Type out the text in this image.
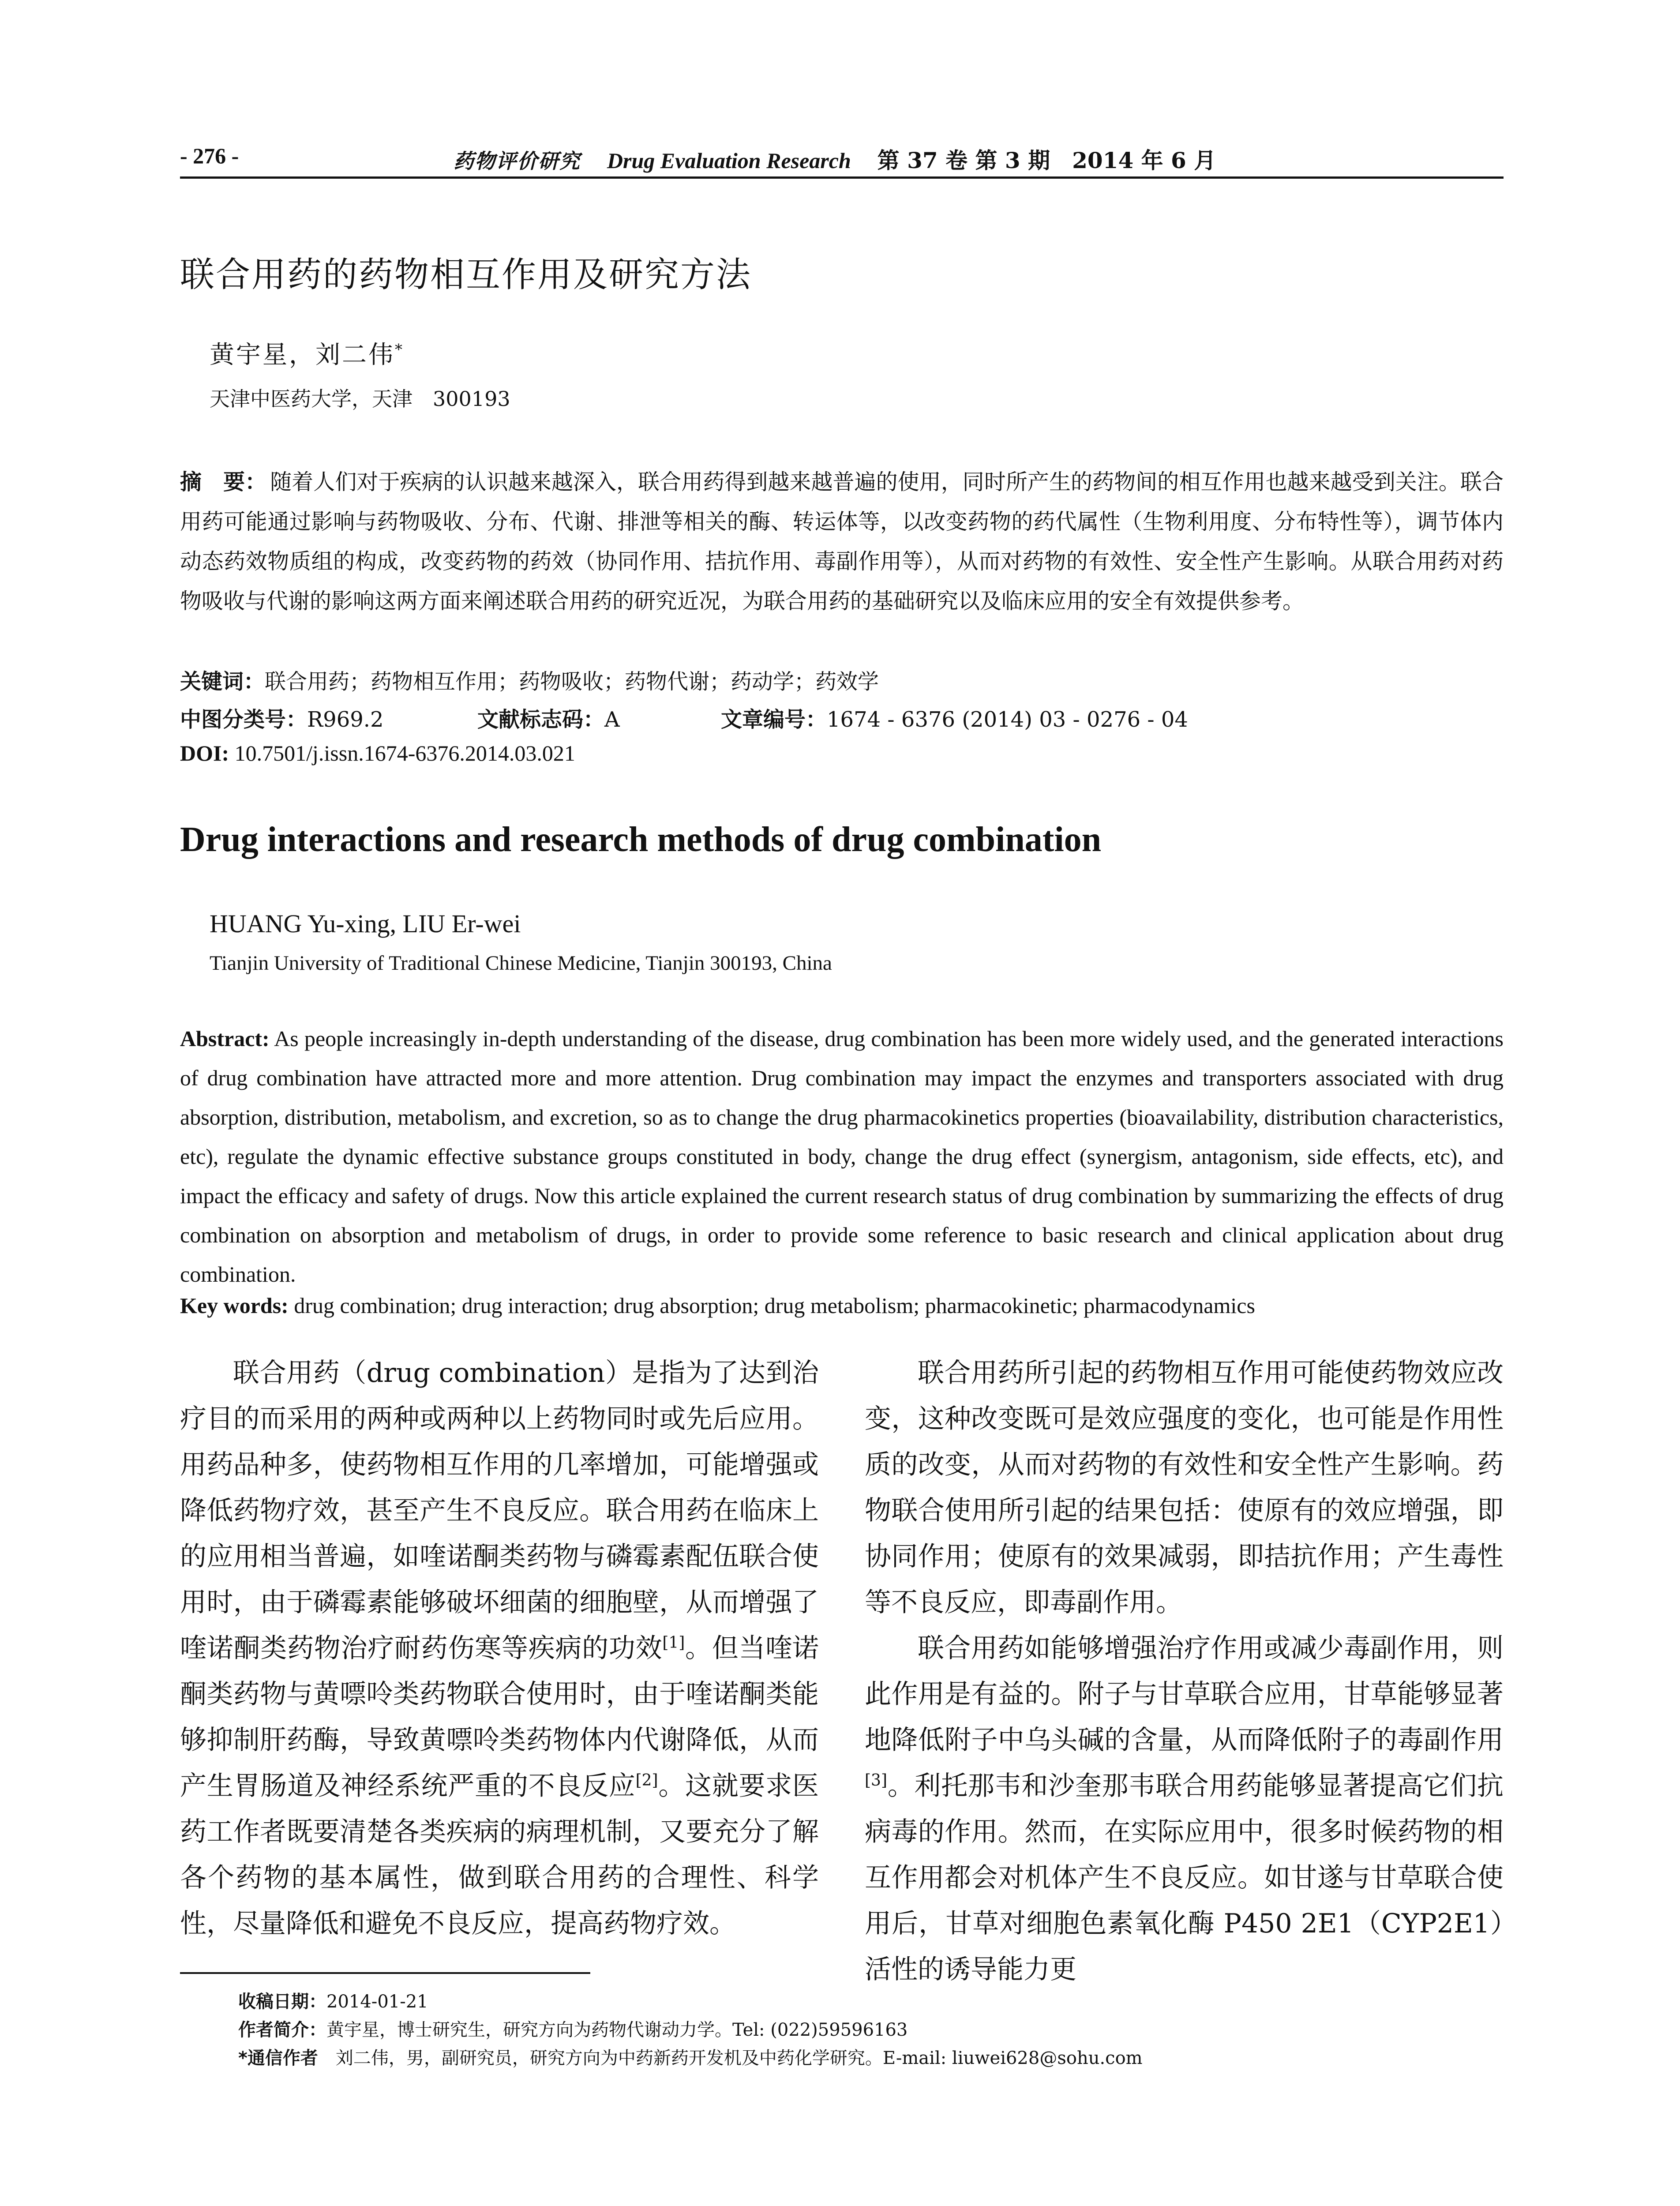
- 276 -	药物评价研究 Drug Evaluation Research 第 37 卷 第 3 期　2014 年 6 月
联合用药的药物相互作用及研究方法
黄宇星，刘二伟*
天津中医药大学，天津　300193
摘　要： 随着人们对于疾病的认识越来越深入，联合用药得到越来越普遍的使用，同时所产生的药物间的相互作用也越来越受到关注。联合用药可能通过影响与药物吸收、分布、代谢、排泄等相关的酶、转运体等，以改变药物的药代属性（生物利用度、分布特性等），调节体内动态药效物质组的构成，改变药物的药效（协同作用、拮抗作用、毒副作用等），从而对药物的有效性、安全性产生影响。从联合用药对药物吸收与代谢的影响这两方面来阐述联合用药的研究近况，为联合用药的基础研究以及临床应用的安全有效提供参考。
关键词：联合用药；药物相互作用；药物吸收；药物代谢；药动学；药效学
中图分类号：R969.2	文献标志码：A	文章编号：1674 - 6376 (2014) 03 - 0276 - 04
DOI: 10.7501/j.issn.1674-6376.2014.03.021
Drug interactions and research methods of drug combination
HUANG Yu-xing, LIU Er-wei
Tianjin University of Traditional Chinese Medicine, Tianjin 300193, China
Abstract: As people increasingly in-depth understanding of the disease, drug combination has been more widely used, and the generated interactions of drug combination have attracted more and more attention. Drug combination may impact the enzymes and transporters associated with drug absorption, distribution, metabolism, and excretion, so as to change the drug pharmacokinetics properties (bioavailability, distribution characteristics, etc), regulate the dynamic effective substance groups constituted in body, change the drug effect (synergism, antagonism, side effects, etc), and impact the efficacy and safety of drugs. Now this article explained the current research status of drug combination by summarizing the effects of drug combination on absorption and metabolism of drugs, in order to provide some reference to basic research and clinical application about drug combination.
Key words: drug combination; drug interaction; drug absorption; drug metabolism; pharmacokinetic; pharmacodynamics

联合用药（drug combination）是指为了达到治疗目的而采用的两种或两种以上药物同时或先后应用。用药品种多，使药物相互作用的几率增加，可能增强或降低药物疗效，甚至产生不良反应。联合用药在临床上的应用相当普遍，如喹诺酮类药物与磷霉素配伍联合使用时，由于磷霉素能够破坏细菌的细胞壁，从而增强了喹诺酮类药物治疗耐药伤寒等疾病的功效[1]。但当喹诺酮类药物与黄嘌呤类药物联合使用时，由于喹诺酮类能够抑制肝药酶，导致黄嘌呤类药物体内代谢降低，从而产生胃肠道及神经系统严重的不良反应[2]。这就要求医药工作者既要清楚各类疾病的病理机制，又要充分了解各个药物的基本属性，做到联合用药的合理性、科学性，尽量降低和避免不良反应，提高药物疗效。

联合用药所引起的药物相互作用可能使药物效应改变，这种改变既可是效应强度的变化，也可能是作用性质的改变，从而对药物的有效性和安全性产生影响。药物联合使用所引起的结果包括：使原有的效应增强，即协同作用；使原有的效果减弱，即拮抗作用；产生毒性等不良反应，即毒副作用。

联合用药如能够增强治疗作用或减少毒副作用，则此作用是有益的。附子与甘草联合应用，甘草能够显著地降低附子中乌头碱的含量，从而降低附子的毒副作用[3]。利托那韦和沙奎那韦联合用药能够显著提高它们抗病毒的作用。然而，在实际应用中，很多时候药物的相互作用都会对机体产生不良反应。如甘遂与甘草联合使用后，甘草对细胞色素氧化酶 P450 2E1（CYP2E1）活性的诱导能力更

收稿日期：2014-01-21
作者简介：黄宇星，博士研究生，研究方向为药物代谢动力学。Tel: (022)59596163
*通信作者　刘二伟，男，副研究员，研究方向为中药新药开发机及中药化学研究。E-mail: liuwei628@sohu.com
